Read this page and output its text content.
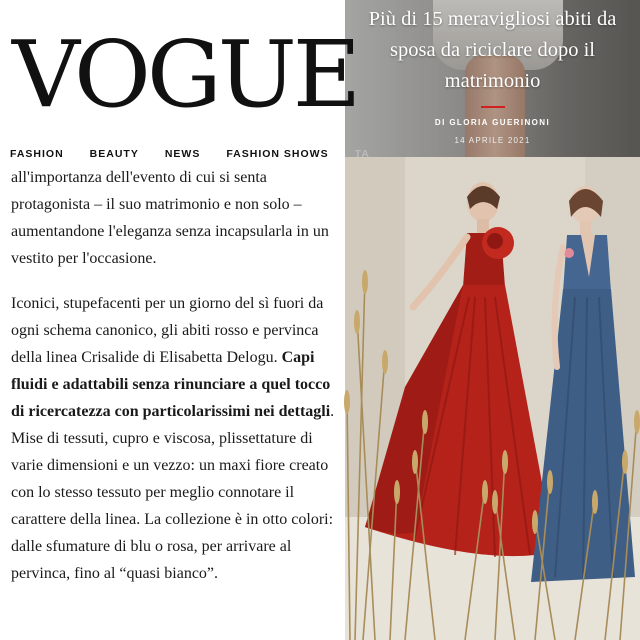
VOGUE
$^{FASHION}$ $^{BEAUTY}$ $^{NEWS}$ $^{FASHION SHOWS}$ $^{TA}$

all'importanza dell'evento di cui si senta protagonista – il suo matrimonio e non solo – aumentandone l'eleganza senza incapsularla in un vestito per l'occasione.

Iconici, stupefacenti per un giorno del sì fuori da ogni schema canonico, gli abiti rosso e pervinca della linea Crisalide di Elisabetta Delogu. Capi fluidi e adattabili senza rinunciare a quel tocco di ricercatezza con particolarissimi nei dettagli. Mise di tessuti, cupro e viscosa, plissettature di varie dimensioni e un vezzo: un maxi fiore creato con lo stesso tessuto per meglio connotare il carattere della linea. La collezione è in otto colori: dalle sfumature di blu o rosa, per arrivare al pervinca, fino al “quasi bianco”.

Più di 15 meravigliosi abiti da sposa da riciclare dopo il matrimonio
DI GLORIA GUERINONI
14 APRILE 2021
